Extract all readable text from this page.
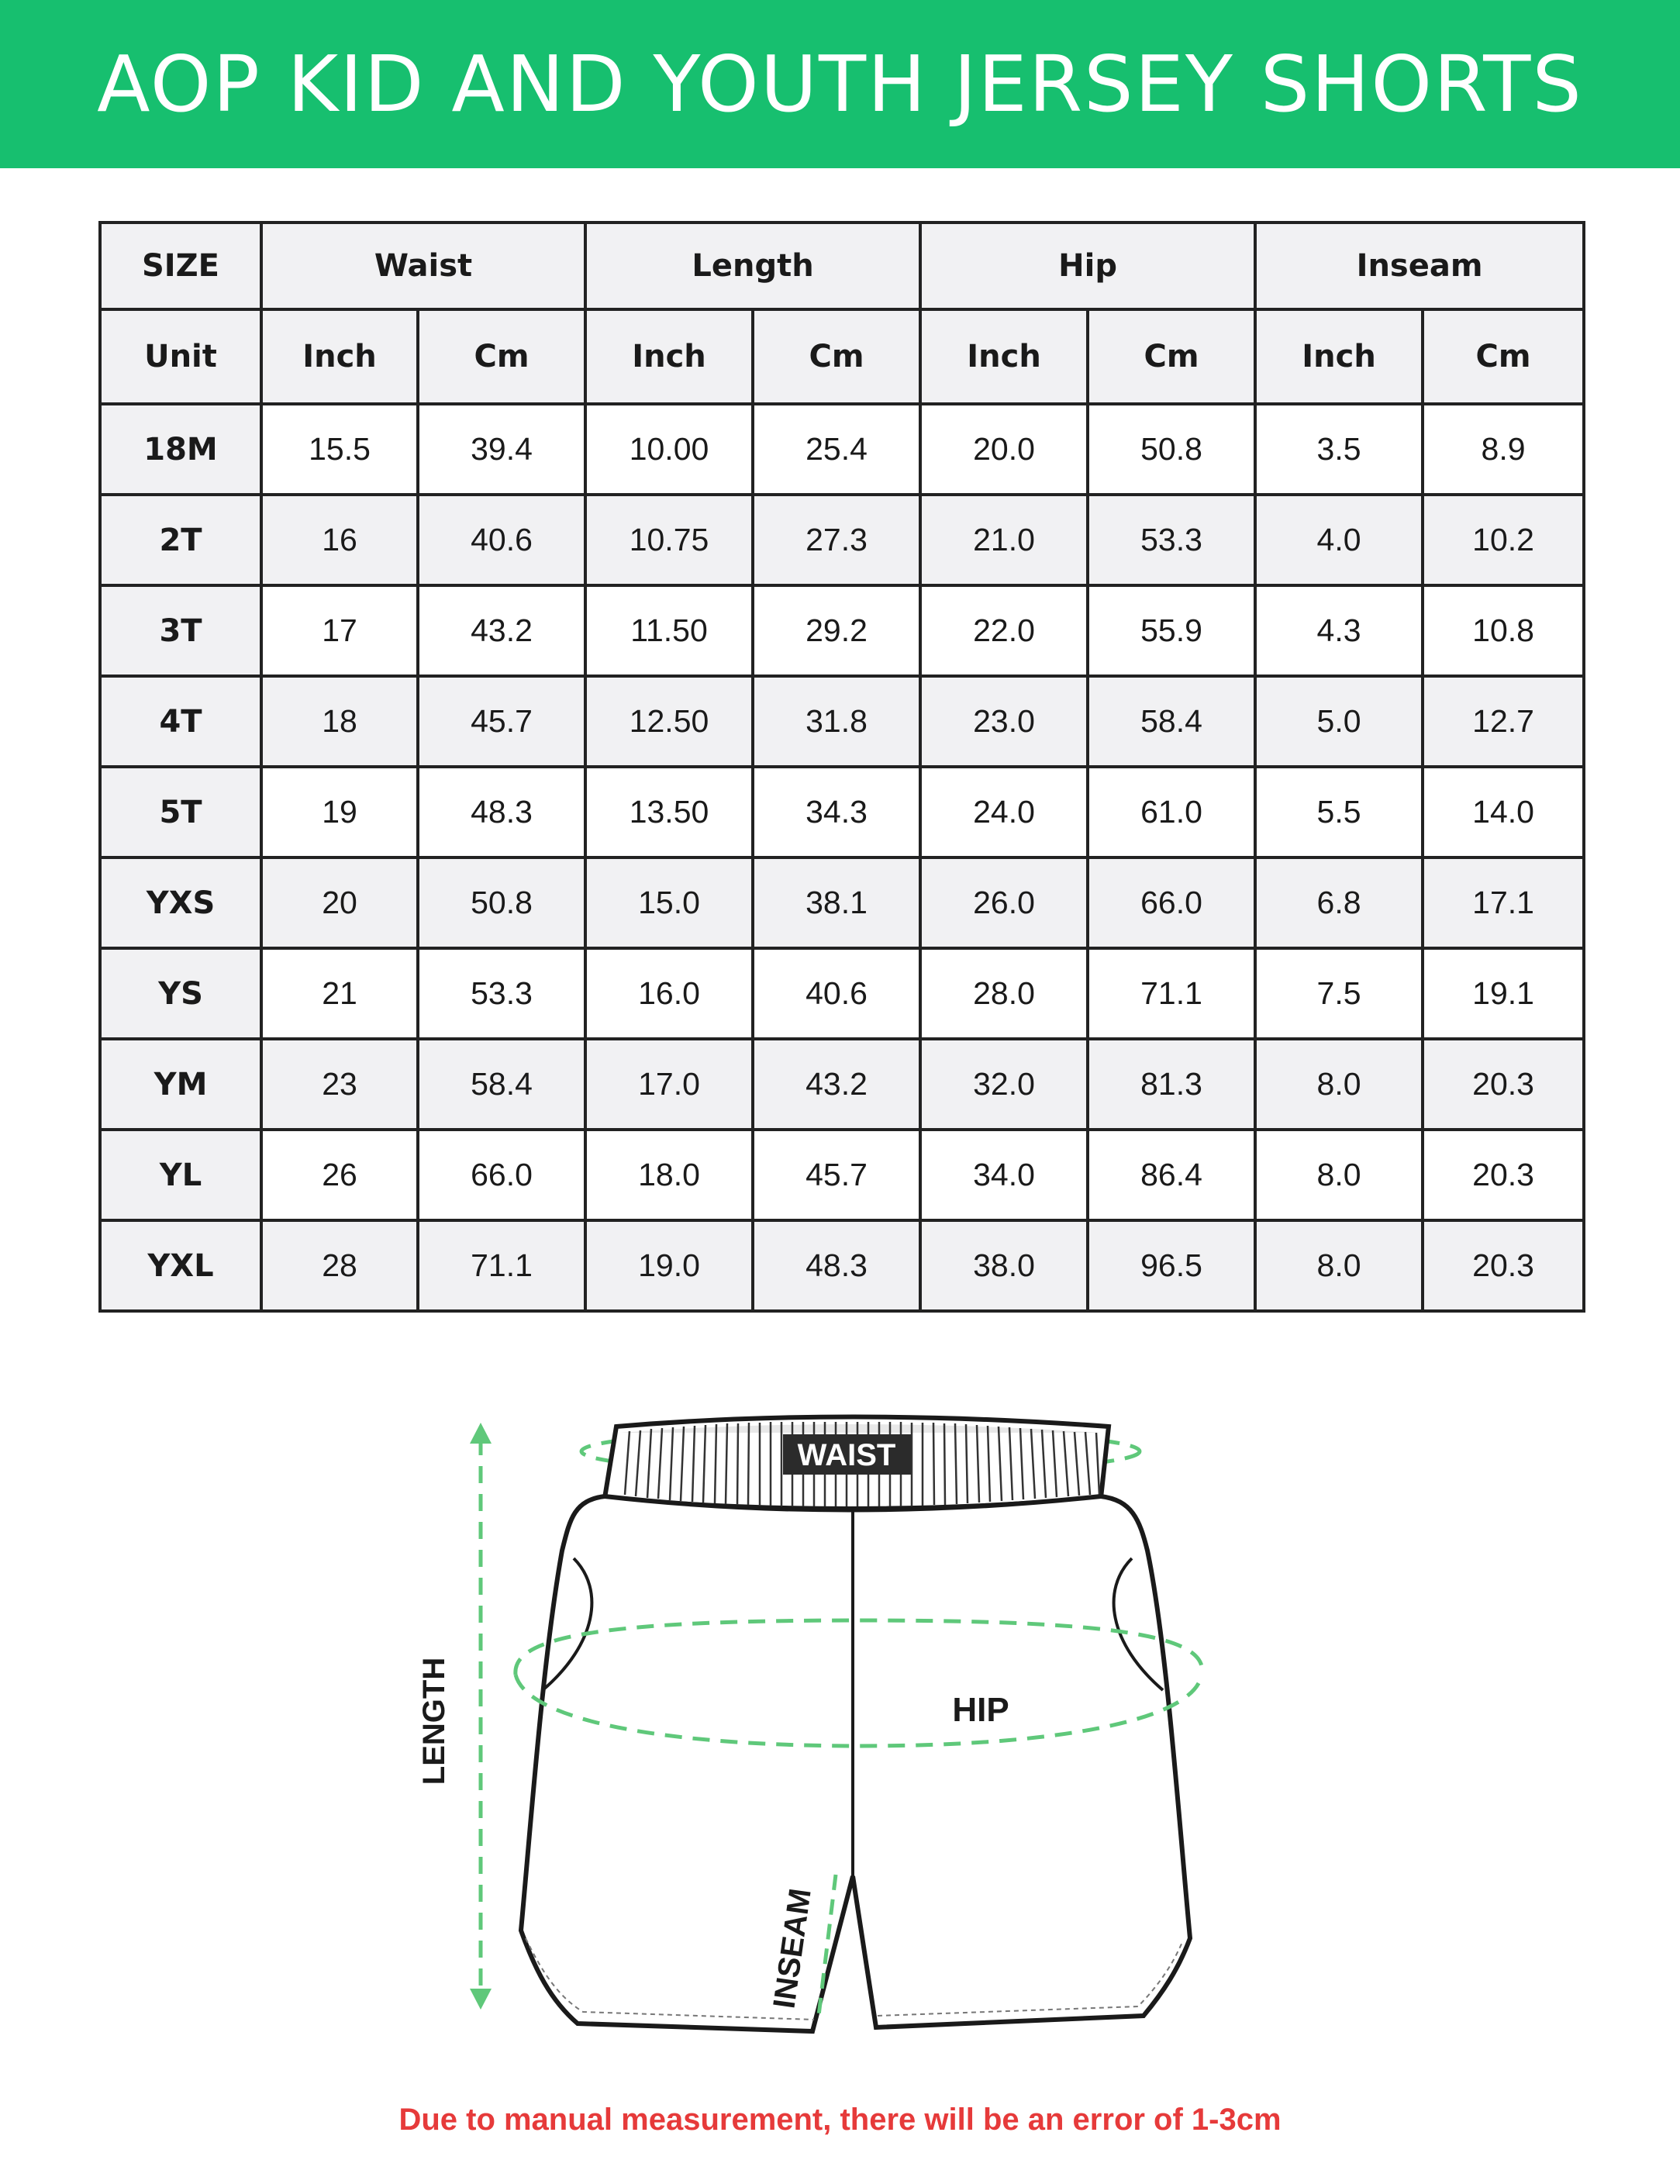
AOP KID AND YOUTH JERSEY SHORTS
SIZE	Waist		Length		Hip		Inseam	
Unit	Inch	Cm	Inch	Cm	Inch	Cm	Inch	Cm
18M	15.5	39.4	10.00	25.4	20.0	50.8	3.5	8.9
2T	16	40.6	10.75	27.3	21.0	53.3	4.0	10.2
3T	17	43.2	11.50	29.2	22.0	55.9	4.3	10.8
4T	18	45.7	12.50	31.8	23.0	58.4	5.0	12.7
5T	19	48.3	13.50	34.3	24.0	61.0	5.5	14.0
YXS	20	50.8	15.0	38.1	26.0	66.0	6.8	17.1
YS	21	53.3	16.0	40.6	28.0	71.1	7.5	19.1
YM	23	58.4	17.0	43.2	32.0	81.3	8.0	20.3
YL	26	66.0	18.0	45.7	34.0	86.4	8.0	20.3
YXL	28	71.1	19.0	48.3	38.0	96.5	8.0	20.3
WAIST
HIP
LENGTH
INSEAM
Due to manual measurement, there will be an error of 1-3cm
